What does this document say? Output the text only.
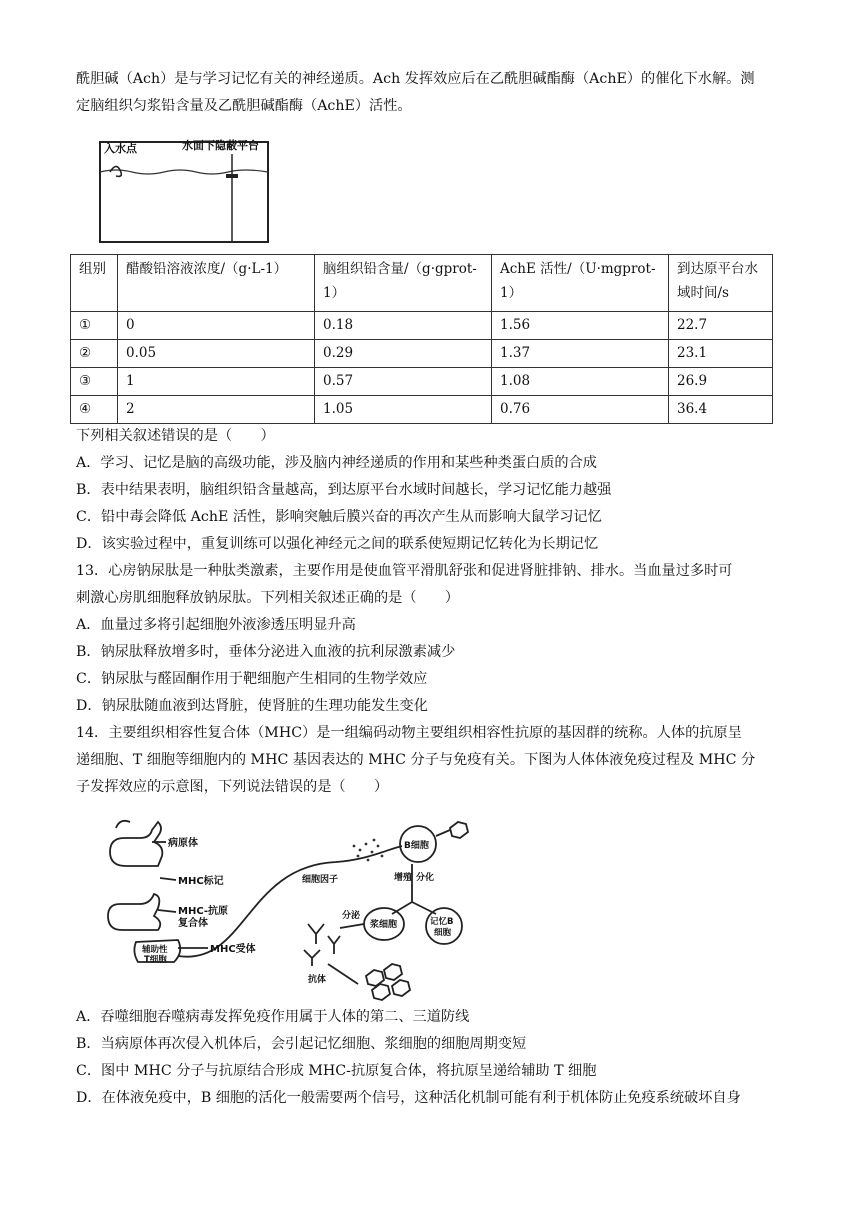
酰胆碱（Ach）是与学习记忆有关的神经递质。Ach 发挥效应后在乙酰胆碱酯酶（AchE）的催化下水解。测
定脑组织匀浆铅含量及乙酰胆碱酯酶（AchE）活性。
入水点	水面下隐蔽平台
组别	醋酸铅溶液浓度/（g·L-1）	脑组织铅含量/（g·gprot-1）	AchE 活性/（U·mgprot-1）	到达原平台水域时间/s
①	0	0.18	1.56	22.7
②	0.05	0.29	1.37	23.1
③	1	0.57	1.08	26.9
④	2	1.05	0.76	36.4
下列相关叙述错误的是（　　）
A．学习、记忆是脑的高级功能，涉及脑内神经递质的作用和某些种类蛋白质的合成
B．表中结果表明，脑组织铅含量越高，到达原平台水域时间越长，学习记忆能力越强
C．铅中毒会降低 AchE 活性，影响突触后膜兴奋的再次产生从而影响大鼠学习记忆
D．该实验过程中，重复训练可以强化神经元之间的联系使短期记忆转化为长期记忆
13．心房钠尿肽是一种肽类激素，主要作用是使血管平滑肌舒张和促进肾脏排钠、排水。当血量过多时可
刺激心房肌细胞释放钠尿肽。下列相关叙述正确的是（　　）
A．血量过多将引起细胞外液渗透压明显升高
B．钠尿肽释放增多时，垂体分泌进入血液的抗利尿激素减少
C．钠尿肽与醛固酮作用于靶细胞产生相同的生物学效应
D．钠尿肽随血液到达肾脏，使肾脏的生理功能发生变化
14．主要组织相容性复合体（MHC）是一组编码动物主要组织相容性抗原的基因群的统称。人体的抗原呈
递细胞、T 细胞等细胞内的 MHC 基因表达的 MHC 分子与免疫有关。下图为人体体液免疫过程及 MHC 分
子发挥效应的示意图，下列说法错误的是（　　）
病原体
MHC标记
MHC-抗原
复合体
MHC受体
辅助性
T细胞
细胞因子
B细胞
增殖 分化
分泌
浆细胞	记忆B
细胞
抗体
A．吞噬细胞吞噬病毒发挥免疫作用属于人体的第二、三道防线
B．当病原体再次侵入机体后，会引起记忆细胞、浆细胞的细胞周期变短
C．图中 MHC 分子与抗原结合形成 MHC-抗原复合体，将抗原呈递给辅助 T 细胞
D．在体液免疫中，B 细胞的活化一般需要两个信号，这种活化机制可能有利于机体防止免疫系统破坏自身
